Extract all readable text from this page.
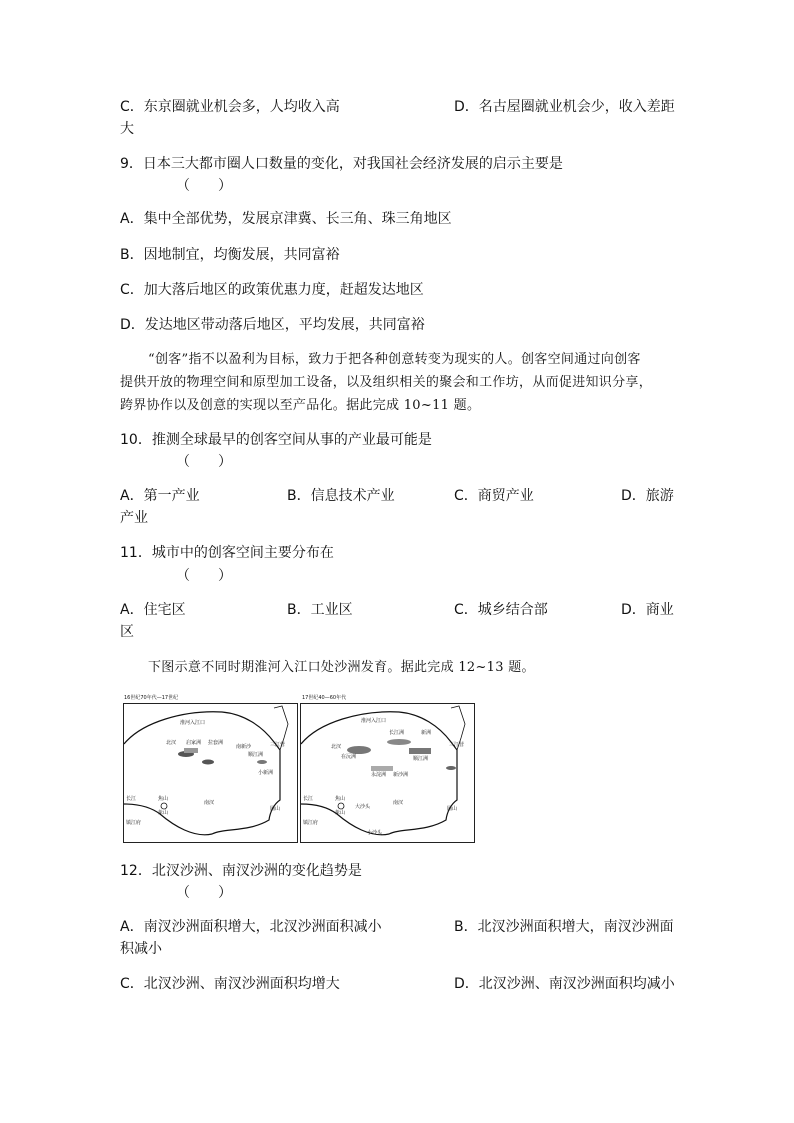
C．东京圈就业机会多，人均收入高	D．名古屋圈就业机会少，收入差距
大
9．日本三大都市圈人口数量的变化，对我国社会经济发展的启示主要是
（　　）
A．集中全部优势，发展京津冀、长三角、珠三角地区
B．因地制宜，均衡发展，共同富裕
C．加大落后地区的政策优惠力度，赶超发达地区
D．发达地区带动落后地区，平均发展，共同富裕
“创客”指不以盈利为目标，致力于把各种创意转变为现实的人。创客空间通过向创客
提供开放的物理空间和原型加工设备，以及组织相关的聚会和工作坊，从而促进知识分享，
跨界协作以及创意的实现以至产品化。据此完成 10~11 题。
10．推测全球最早的创客空间从事的产业最可能是
（　　）
A．第一产业	B．信息技术产业	C．商贸产业	D．旅游
产业
11．城市中的创客空间主要分布在
（　　）
A．住宅区	B．工业区	C．城乡结合部	D．商业
区
下图示意不同时期淮河入江口处沙洲发育。据此完成 12~13 题。
16世纪70年代—17世纪
淮河入江口
北汊 启家洲 拉套洲
南新沙
顺江洲
三江营
小新洲
长江
南汊
焦山
象山
圌山
镇江府
17世纪40—60年代
淮河入江口
北汊
长江洲	新洲
顺江洲
三江营
在沅洲
永淀洲 新沙洲
长江
南汊
焦山
象山
大沙头	圌山
镇江府
小沙头
12．北汊沙洲、南汊沙洲的变化趋势是
（　　）
A．南汊沙洲面积增大，北汊沙洲面积减小	B．北汊沙洲面积增大，南汊沙洲面
积减小
C．北汊沙洲、南汊沙洲面积均增大	D．北汊沙洲、南汊沙洲面积均减小
